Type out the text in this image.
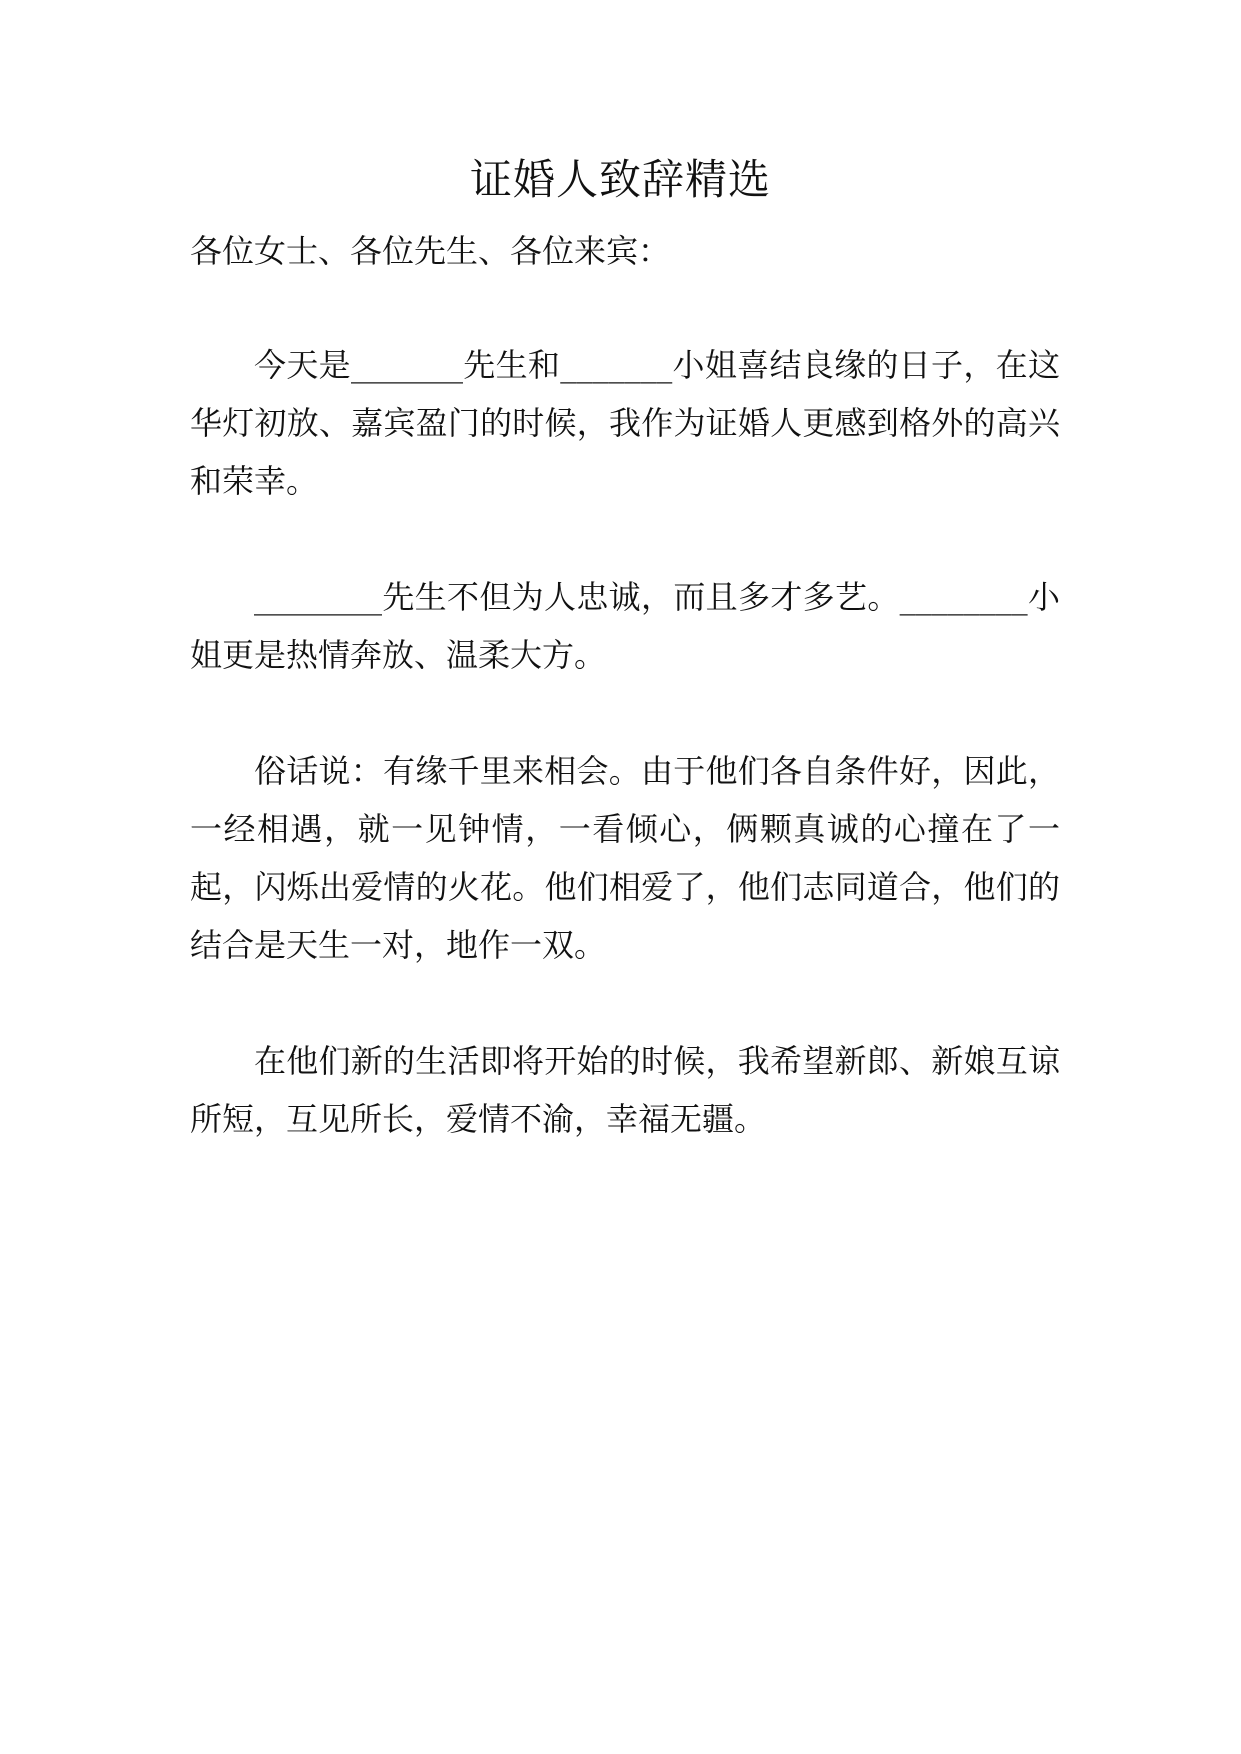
证婚人致辞精选

各位女士、各位先生、各位来宾：

今天是_______先生和_______小姐喜结良缘的日子，在这华灯初放、嘉宾盈门的时候，我作为证婚人更感到格外的高兴和荣幸。

________先生不但为人忠诚，而且多才多艺。________小姐更是热情奔放、温柔大方。

俗话说：有缘千里来相会。由于他们各自条件好，因此，一经相遇，就一见钟情，一看倾心，俩颗真诚的心撞在了一起，闪烁出爱情的火花。他们相爱了，他们志同道合，他们的结合是天生一对，地作一双。

在他们新的生活即将开始的时候，我希望新郎、新娘互谅所短，互见所长，爱情不渝，幸福无疆。
